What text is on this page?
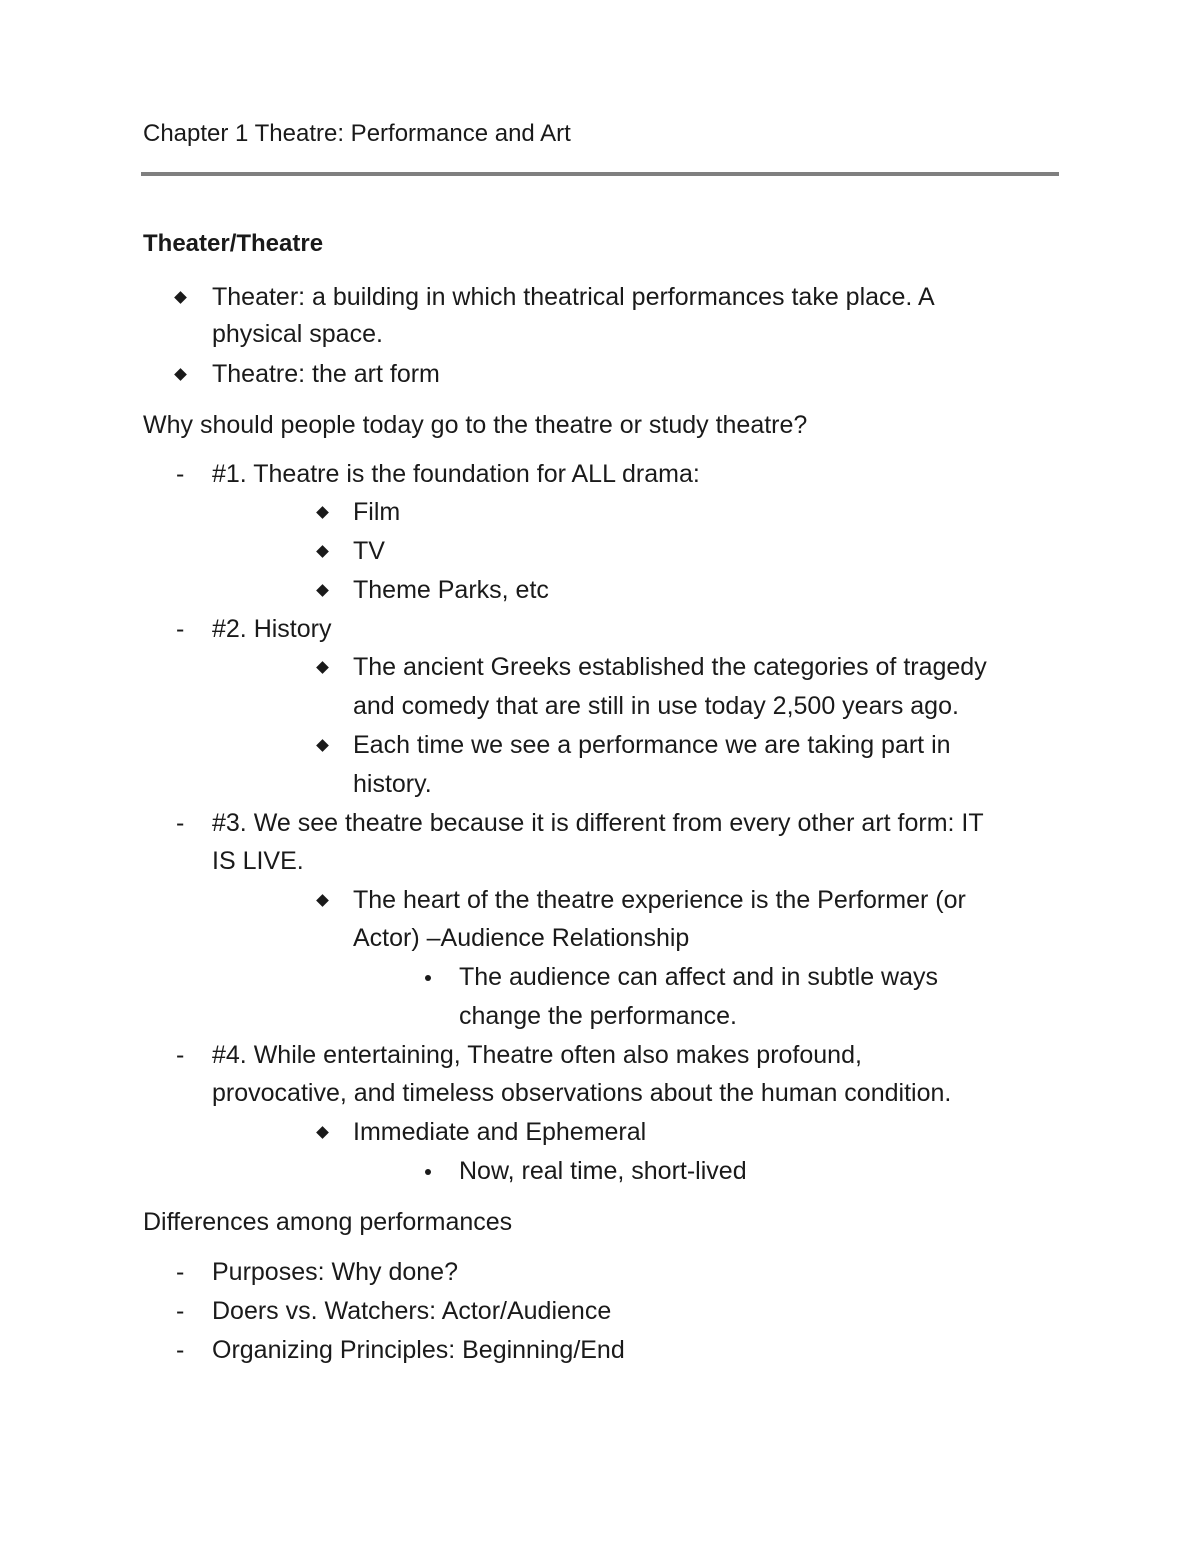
Chapter 1 Theatre: Performance and Art
Theater/Theatre
Theater: a building in which theatrical performances take place. A
physical space.
Theatre: the art form
Why should people today go to the theatre or study theatre?
- #1. Theatre is the foundation for ALL drama:
Film
TV
Theme Parks, etc
- #2. History
The ancient Greeks established the categories of tragedy
and comedy that are still in use today 2,500 years ago.
Each time we see a performance we are taking part in
history.
- #3. We see theatre because it is different from every other art form: IT
IS LIVE.
The heart of the theatre experience is the Performer (or
Actor) –Audience Relationship
The audience can affect and in subtle ways
change the performance.
- #4. While entertaining, Theatre often also makes profound,
provocative, and timeless observations about the human condition.
Immediate and Ephemeral
Now, real time, short-lived
Differences among performances
- Purposes: Why done?
- Doers vs. Watchers: Actor/Audience
- Organizing Principles: Beginning/End
